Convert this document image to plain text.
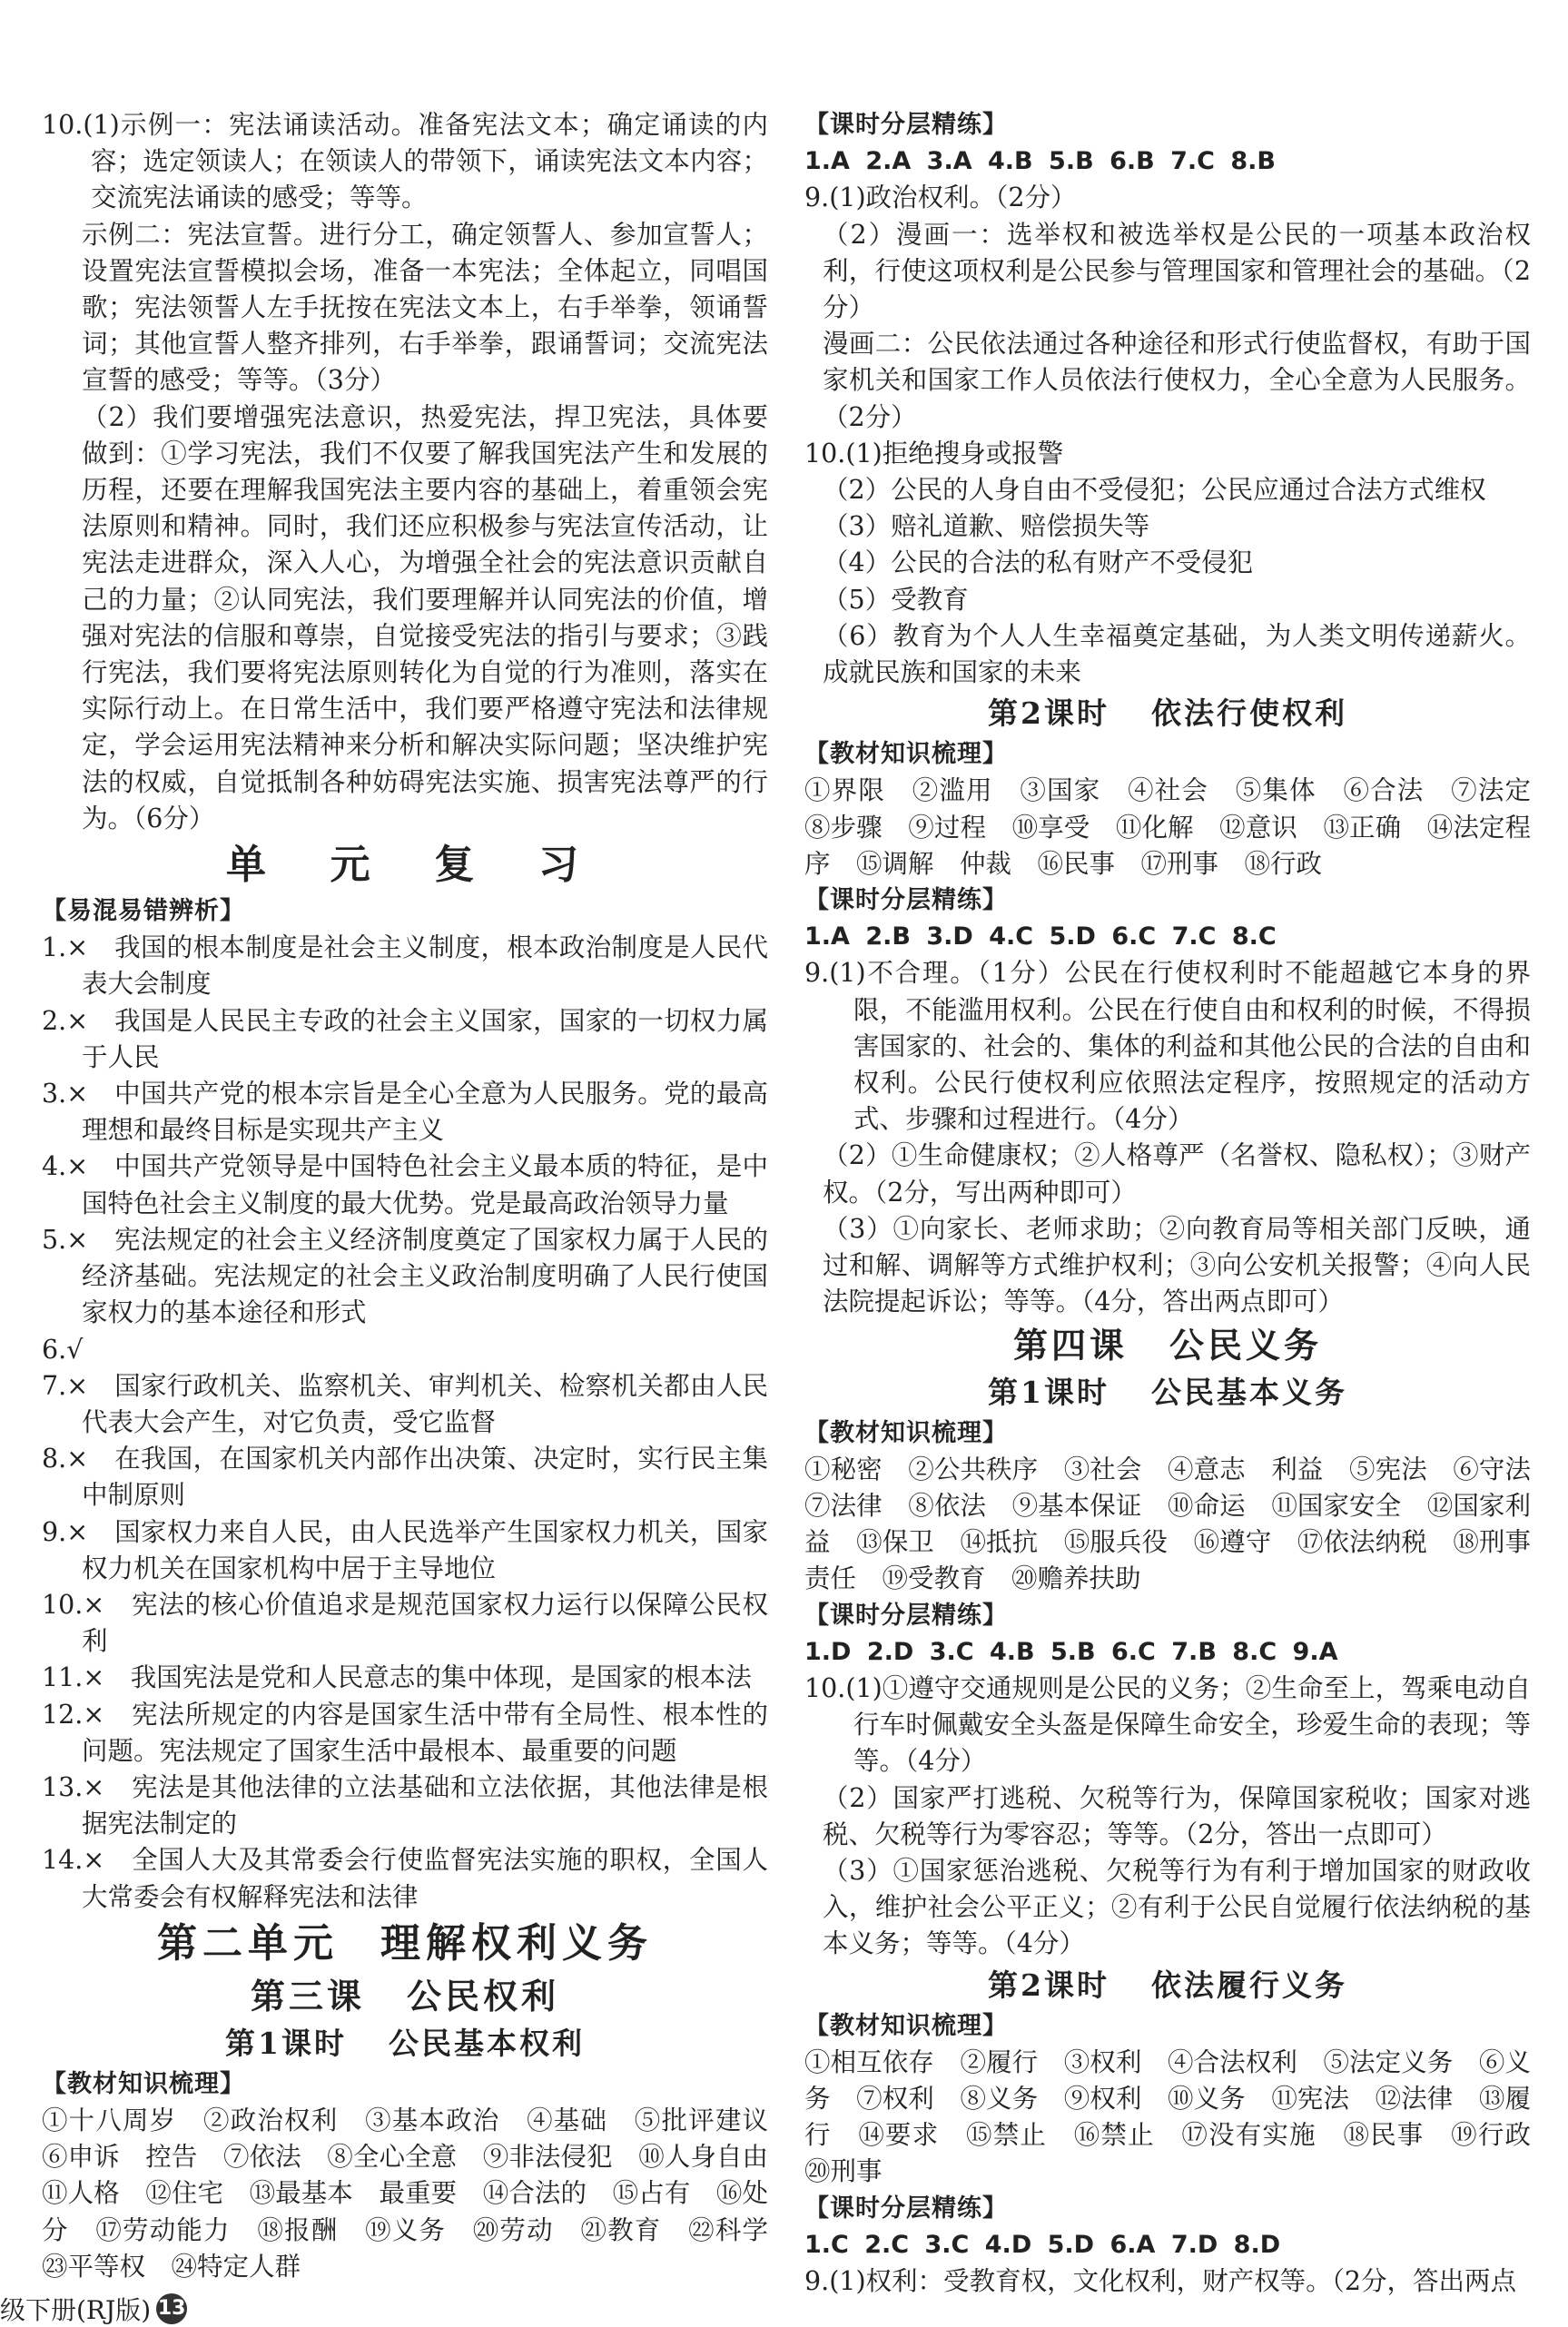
10.(1)示例一：宪法诵读活动。准备宪法文本；确定诵读的内容；选定领读人；在领读人的带领下，诵读宪法文本内容；交流宪法诵读的感受；等等。

示例二：宪法宣誓。进行分工，确定领誓人、参加宣誓人；设置宪法宣誓模拟会场，准备一本宪法；全体起立，同唱国歌；宪法领誓人左手抚按在宪法文本上，右手举拳，领诵誓词；其他宣誓人整齐排列，右手举拳，跟诵誓词；交流宪法宣誓的感受；等等。（3分）

（2）我们要增强宪法意识，热爱宪法，捍卫宪法，具体要做到：①学习宪法，我们不仅要了解我国宪法产生和发展的历程，还要在理解我国宪法主要内容的基础上，着重领会宪法原则和精神。同时，我们还应积极参与宪法宣传活动，让宪法走进群众，深入人心，为增强全社会的宪法意识贡献自己的力量；②认同宪法，我们要理解并认同宪法的价值，增强对宪法的信服和尊崇，自觉接受宪法的指引与要求；③践行宪法，我们要将宪法原则转化为自觉的行为准则，落实在实际行动上。在日常生活中，我们要严格遵守宪法和法律规定，学会运用宪法精神来分析和解决实际问题；坚决维护宪法的权威，自觉抵制各种妨碍宪法实施、损害宪法尊严的行为。（6分）

单 元 复 习

【易混易错辨析】

1.×　我国的根本制度是社会主义制度，根本政治制度是人民代表大会制度

2.×　我国是人民民主专政的社会主义国家，国家的一切权力属于人民

3.×　中国共产党的根本宗旨是全心全意为人民服务。党的最高理想和最终目标是实现共产主义

4.×　中国共产党领导是中国特色社会主义最本质的特征，是中国特色社会主义制度的最大优势。党是最高政治领导力量

5.×　宪法规定的社会主义经济制度奠定了国家权力属于人民的经济基础。宪法规定的社会主义政治制度明确了人民行使国家权力的基本途径和形式

6.√

7.×　国家行政机关、监察机关、审判机关、检察机关都由人民代表大会产生，对它负责，受它监督

8.×　在我国，在国家机关内部作出决策、决定时，实行民主集中制原则

9.×　国家权力来自人民，由人民选举产生国家权力机关，国家权力机关在国家机构中居于主导地位

10.×　宪法的核心价值追求是规范国家权力运行以保障公民权利

11.×　我国宪法是党和人民意志的集中体现，是国家的根本法

12.×　宪法所规定的内容是国家生活中带有全局性、根本性的问题。宪法规定了国家生活中最根本、最重要的问题

13.×　宪法是其他法律的立法基础和立法依据，其他法律是根据宪法制定的

14.×　全国人大及其常委会行使监督宪法实施的职权，全国人大常委会有权解释宪法和法律

第二单元 理解权利义务
第三课 公民权利
第1课时 公民基本权利

【教材知识梳理】

①十八周岁　②政治权利　③基本政治　④基础　⑤批评建议　⑥申诉　控告　⑦依法　⑧全心全意　⑨非法侵犯　⑩人身自由　⑪人格　⑫住宅　⑬最基本　最重要　⑭合法的　⑮占有　⑯处分　⑰劳动能力　⑱报酬　⑲义务　⑳劳动　㉑教育　㉒科学　㉓平等权　㉔特定人群

【课时分层精练】

1.A 2.A 3.A 4.B 5.B 6.B 7.C 8.B

9.(1)政治权利。（2分）

（2）漫画一：选举权和被选举权是公民的一项基本政治权利，行使这项权利是公民参与管理国家和管理社会的基础。（2分）

漫画二：公民依法通过各种途径和形式行使监督权，有助于国家机关和国家工作人员依法行使权力，全心全意为人民服务。（2分）

10.(1)拒绝搜身或报警

（2）公民的人身自由不受侵犯；公民应通过合法方式维权

（3）赔礼道歉、赔偿损失等

（4）公民的合法的私有财产不受侵犯

（5）受教育

（6）教育为个人人生幸福奠定基础，为人类文明传递薪火。成就民族和国家的未来

第2课时 依法行使权利

【教材知识梳理】

①界限　②滥用　③国家　④社会　⑤集体　⑥合法　⑦法定　⑧步骤　⑨过程　⑩享受　⑪化解　⑫意识　⑬正确　⑭法定程序　⑮调解　仲裁　⑯民事　⑰刑事　⑱行政

【课时分层精练】

1.A 2.B 3.D 4.C 5.D 6.C 7.C 8.C

9.(1)不合理。（1分）公民在行使权利时不能超越它本身的界限，不能滥用权利。公民在行使自由和权利的时候，不得损害国家的、社会的、集体的利益和其他公民的合法的自由和权利。公民行使权利应依照法定程序，按照规定的活动方式、步骤和过程进行。（4分）

（2）①生命健康权；②人格尊严（名誉权、隐私权）；③财产权。（2分，写出两种即可）

（3）①向家长、老师求助；②向教育局等相关部门反映，通过和解、调解等方式维护权利；③向公安机关报警；④向人民法院提起诉讼；等等。（4分，答出两点即可）

第四课 公民义务
第1课时 公民基本义务

【教材知识梳理】

①秘密　②公共秩序　③社会　④意志　利益　⑤宪法　⑥守法　⑦法律　⑧依法　⑨基本保证　⑩命运　⑪国家安全　⑫国家利益　⑬保卫　⑭抵抗　⑮服兵役　⑯遵守　⑰依法纳税　⑱刑事责任　⑲受教育　⑳赡养扶助

【课时分层精练】

1.D 2.D 3.C 4.B 5.B 6.C 7.B 8.C 9.A

10.(1)①遵守交通规则是公民的义务；②生命至上，驾乘电动自行车时佩戴安全头盔是保障生命安全，珍爱生命的表现；等等。（4分）

（2）国家严打逃税、欠税等行为，保障国家税收；国家对逃税、欠税等行为零容忍；等等。（2分，答出一点即可）

（3）①国家惩治逃税、欠税等行为有利于增加国家的财政收入，维护社会公平正义；②有利于公民自觉履行依法纳税的基本义务；等等。（4分）

第2课时 依法履行义务

【教材知识梳理】

①相互依存　②履行　③权利　④合法权利　⑤法定义务　⑥义务　⑦权利　⑧义务　⑨权利　⑩义务　⑪宪法　⑫法律　⑬履行　⑭要求　⑮禁止　⑯禁止　⑰没有实施　⑱民事　⑲行政　⑳刑事

【课时分层精练】

1.C 2.C 3.C 4.D 5.D 6.A 7.D 8.D

9.(1)权利：受教育权，文化权利，财产权等。（2分，答出两点

级下册(RJ版) 13
